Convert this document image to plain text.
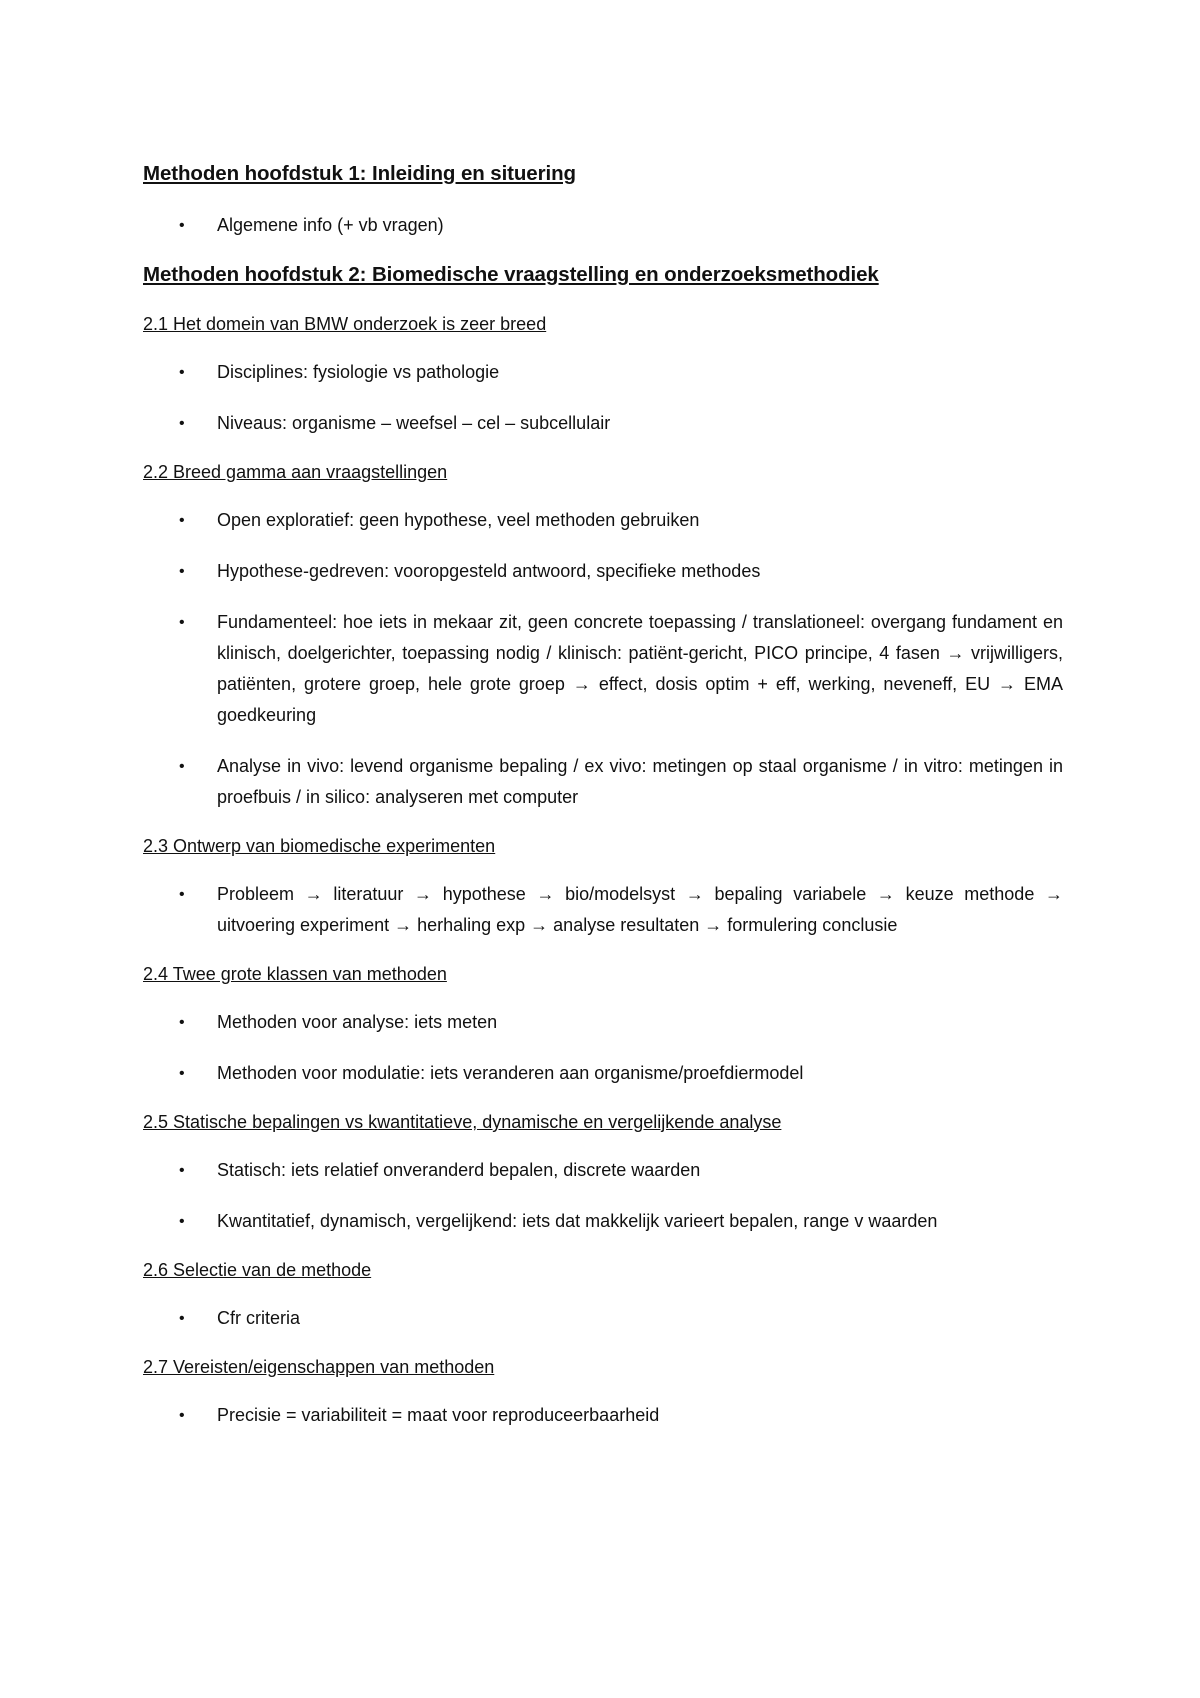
Methoden hoofdstuk 1: Inleiding en situering
• Algemene info (+ vb vragen)
Methoden hoofdstuk 2: Biomedische vraagstelling en onderzoeksmethodiek
2.1 Het domein van BMW onderzoek is zeer breed
• Disciplines: fysiologie vs pathologie
• Niveaus: organisme – weefsel – cel – subcellulair
2.2 Breed gamma aan vraagstellingen
• Open exploratief: geen hypothese, veel methoden gebruiken
• Hypothese-gedreven: vooropgesteld antwoord, specifieke methodes
• Fundamenteel: hoe iets in mekaar zit, geen concrete toepassing / translationeel: overgang fundament en klinisch, doelgerichter, toepassing nodig / klinisch: patiënt-gericht, PICO principe, 4 fasen → vrijwilligers, patiënten, grotere groep, hele grote groep → effect, dosis optim + eff, werking, neveneff, EU → EMA goedkeuring
• Analyse in vivo: levend organisme bepaling / ex vivo: metingen op staal organisme / in vitro: metingen in proefbuis / in silico: analyseren met computer
2.3 Ontwerp van biomedische experimenten
• Probleem → literatuur → hypothese → bio/modelsyst → bepaling variabele → keuze methode → uitvoering experiment → herhaling exp → analyse resultaten → formulering conclusie
2.4 Twee grote klassen van methoden
• Methoden voor analyse: iets meten
• Methoden voor modulatie: iets veranderen aan organisme/proefdiermodel
2.5 Statische bepalingen vs kwantitatieve, dynamische en vergelijkende analyse
• Statisch: iets relatief onveranderd bepalen, discrete waarden
• Kwantitatief, dynamisch, vergelijkend: iets dat makkelijk varieert bepalen, range v waarden
2.6 Selectie van de methode
• Cfr criteria
2.7 Vereisten/eigenschappen van methoden
• Precisie = variabiliteit = maat voor reproduceerbaarheid
